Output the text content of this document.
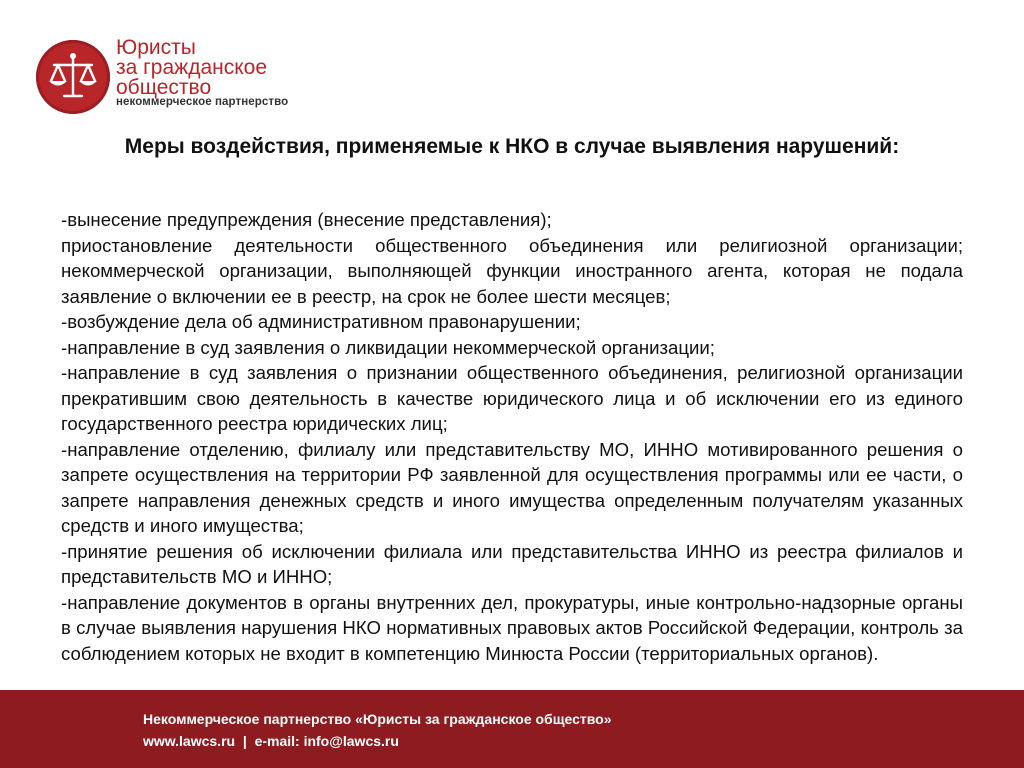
Юристы
за гражданское
общество
некоммерческое партнерство
Меры воздействия, применяемые к НКО в случае выявления нарушений:

-вынесение предупреждения (внесение представления);

приостановление деятельности общественного объединения или религиозной организации; некоммерческой организации, выполняющей функции иностранного агента, которая не подала заявление о включении ее в реестр, на срок не более шести месяцев;

-возбуждение дела об административном правонарушении;

-направление в суд заявления о ликвидации некоммерческой организации;

-направление в суд заявления о признании общественного объединения, религиозной организации прекратившим свою деятельность в качестве юридического лица и об исключении его из единого государственного реестра юридических лиц;

-направление отделению, филиалу или представительству МО, ИННО мотивированного решения о запрете осуществления на территории РФ заявленной для осуществления программы или ее части, о запрете направления денежных средств и иного имущества определенным получателям указанных средств и иного имущества;

-принятие решения об исключении филиала или представительства ИННО из реестра филиалов и представительств МО и ИННО;

-направление документов в органы внутренних дел, прокуратуры, иные контрольно-надзорные органы в случае выявления нарушения НКО нормативных правовых актов Российской Федерации, контроль за соблюдением которых не входит в компетенцию Минюста России (территориальных органов).

Некоммерческое партнерство «Юристы за гражданское общество»
www.lawcs.ru | e-mail: info@lawcs.ru
